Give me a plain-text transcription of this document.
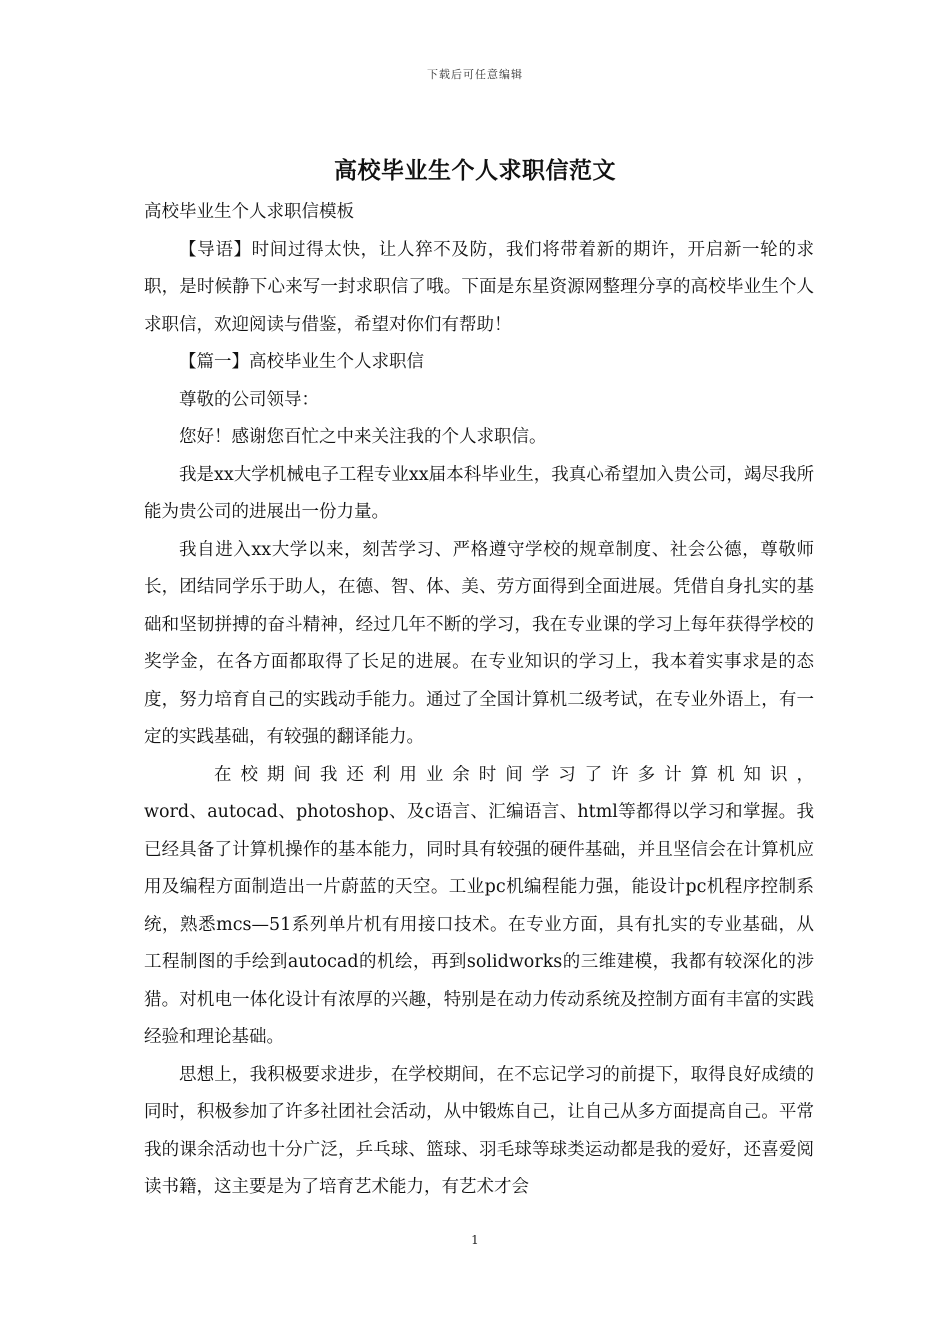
下载后可任意编辑
高校毕业生个人求职信范文

高校毕业生个人求职信模板

【导语】时间过得太快，让人猝不及防，我们将带着新的期许，开启新一轮的求职，是时候静下心来写一封求职信了哦。下面是东星资源网整理分享的高校毕业生个人求职信，欢迎阅读与借鉴，希望对你们有帮助！

【篇一】高校毕业生个人求职信

尊敬的公司领导：

您好！感谢您百忙之中来关注我的个人求职信。

我是xx大学机械电子工程专业xx届本科毕业生，我真心希望加入贵公司，竭尽我所能为贵公司的进展出一份力量。

我自进入xx大学以来，刻苦学习、严格遵守学校的规章制度、社会公德，尊敬师长，团结同学乐于助人，在德、智、体、美、劳方面得到全面进展。凭借自身扎实的基础和坚韧拼搏的奋斗精神，经过几年不断的学习，我在专业课的学习上每年获得学校的奖学金，在各方面都取得了长足的进展。在专业知识的学习上，我本着实事求是的态度，努力培育自己的实践动手能力。通过了全国计算机二级考试，在专业外语上，有一定的实践基础，有较强的翻译能力。

在校期间我还利用业余时间学习了许多计算机知识，

word、autocad、photoshop、及c语言、汇编语言、html等都得以学习和掌握。我已经具备了计算机操作的基本能力，同时具有较强的硬件基础，并且坚信会在计算机应用及编程方面制造出一片蔚蓝的天空。工业pc机编程能力强，能设计pc机程序控制系统，熟悉mcs—51系列单片机有用接口技术。在专业方面，具有扎实的专业基础，从工程制图的手绘到autocad的机绘，再到solidworks的三维建模，我都有较深化的涉猎。对机电一体化设计有浓厚的兴趣，特别是在动力传动系统及控制方面有丰富的实践经验和理论基础。

思想上，我积极要求进步，在学校期间，在不忘记学习的前提下，取得良好成绩的同时，积极参加了许多社团社会活动，从中锻炼自己，让自己从多方面提高自己。平常我的课余活动也十分广泛，乒乓球、篮球、羽毛球等球类运动都是我的爱好，还喜爱阅读书籍，这主要是为了培育艺术能力，有艺术才会

1
